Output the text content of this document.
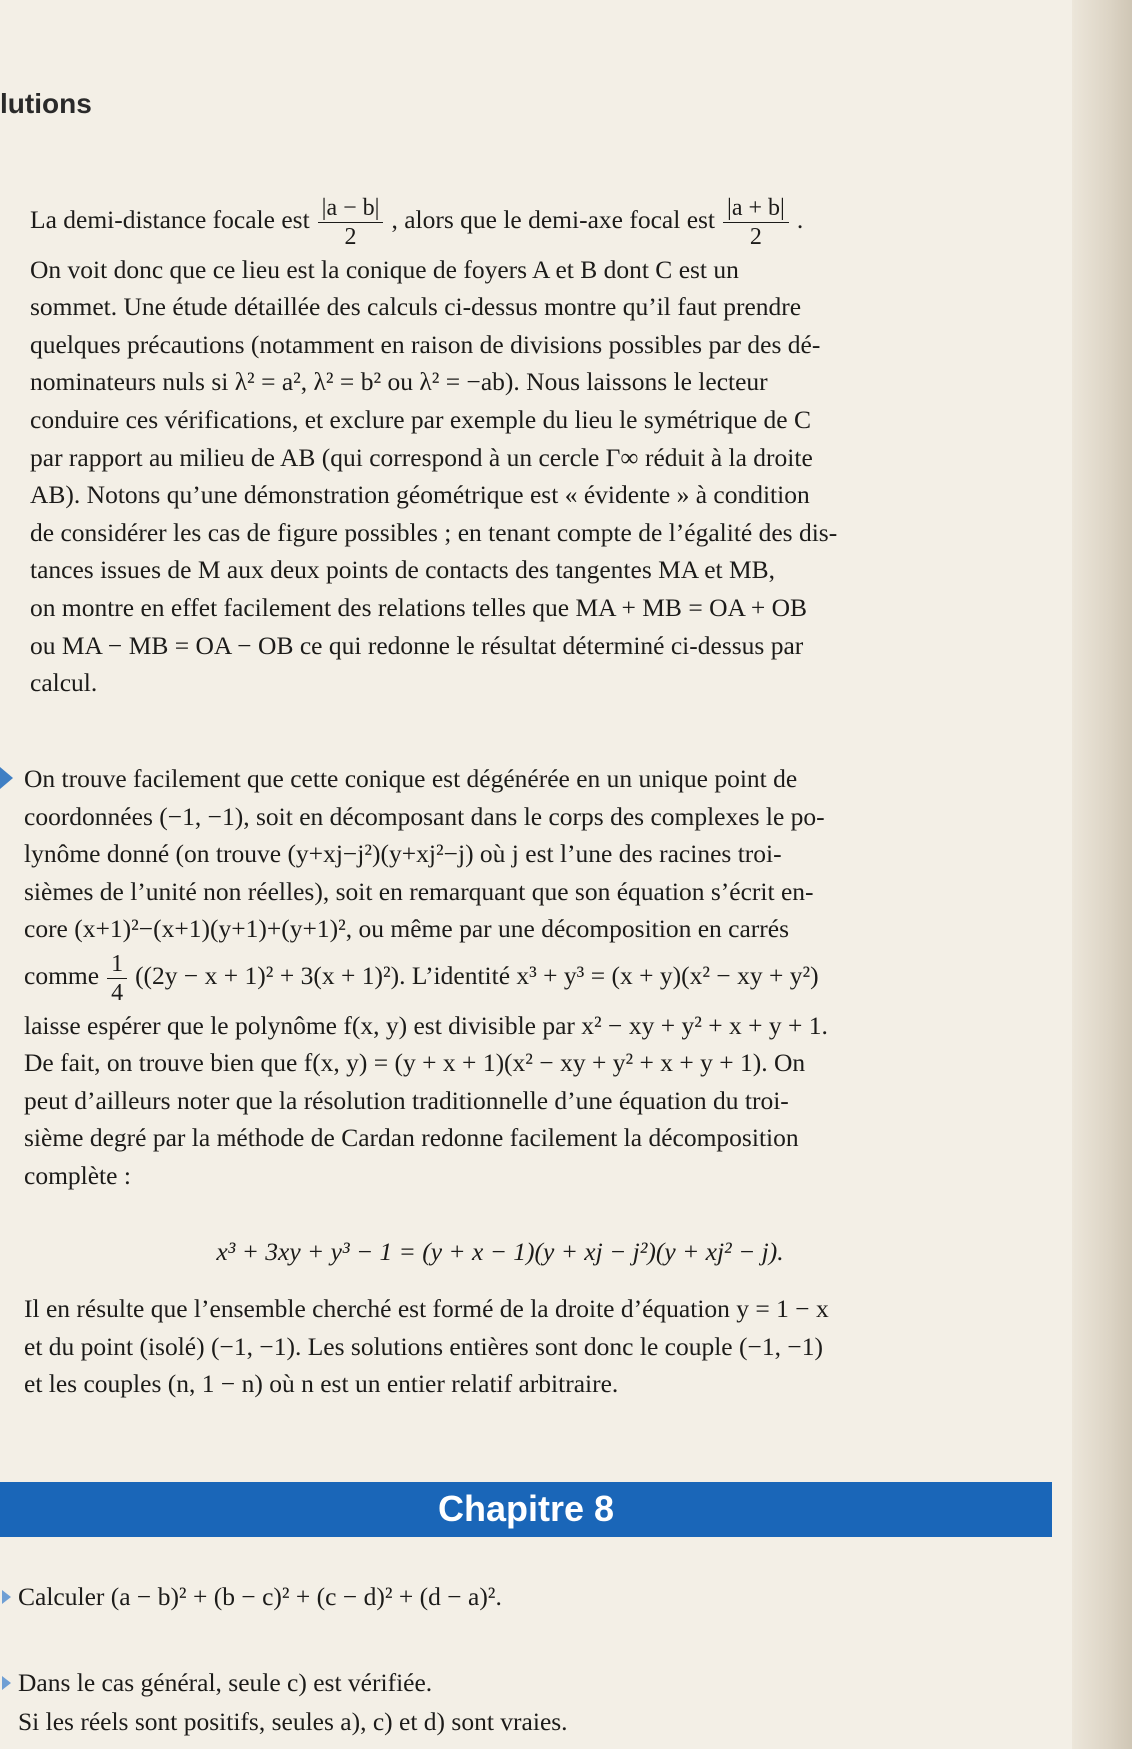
lutions

La demi-distance focale est $\frac{|a - b|}{2}$ , alors que le demi-axe focal est $\frac{|a + b|}{2}$ .

On voit donc que ce lieu est la conique de foyers A et B dont C est un

sommet. Une étude détaillée des calculs ci-dessus montre qu’il faut prendre

quelques précautions (notamment en raison de divisions possibles par des dé-

nominateurs nuls si λ² = a², λ² = b² ou λ² = −ab). Nous laissons le lecteur

conduire ces vérifications, et exclure par exemple du lieu le symétrique de C

par rapport au milieu de AB (qui correspond à un cercle Γ∞ réduit à la droite

AB). Notons qu’une démonstration géométrique est « évidente » à condition

de considérer les cas de figure possibles ; en tenant compte de l’égalité des dis-

tances issues de M aux deux points de contacts des tangentes MA et MB,

on montre en effet facilement des relations telles que MA + MB = OA + OB

ou MA − MB = OA − OB ce qui redonne le résultat déterminé ci-dessus par

calcul.

On trouve facilement que cette conique est dégénérée en un unique point de

coordonnées (−1, −1), soit en décomposant dans le corps des complexes le po-

lynôme donné (on trouve (y+xj−j²)(y+xj²−j) où j est l’une des racines troi-

sièmes de l’unité non réelles), soit en remarquant que son équation s’écrit en-

core (x+1)²−(x+1)(y+1)+(y+1)², ou même par une décomposition en carrés

comme $\frac{1}{4} ((2y - x + 1)^2 + 3(x + 1)^2)$. L’identité x³ + y³ = (x + y)(x² − xy + y²)

laisse espérer que le polynôme f(x, y) est divisible par x² − xy + y² + x + y + 1.

De fait, on trouve bien que f(x, y) = (y + x + 1)(x² − xy + y² + x + y + 1). On

peut d’ailleurs noter que la résolution traditionnelle d’une équation du troi-

sième degré par la méthode de Cardan redonne facilement la décomposition

complète :

x³ + 3xy + y³ − 1 = (y + x − 1)(y + xj − j²)(y + xj² − j).

Il en résulte que l’ensemble cherché est formé de la droite d’équation y = 1 − x

et du point (isolé) (−1, −1). Les solutions entières sont donc le couple (−1, −1)

et les couples (n, 1 − n) où n est un entier relatif arbitraire.

Chapitre 8
Calculer (a − b)² + (b − c)² + (c − d)² + (d − a)².
Dans le cas général, seule c) est vérifiée.
Si les réels sont positifs, seules a), c) et d) sont vraies.
